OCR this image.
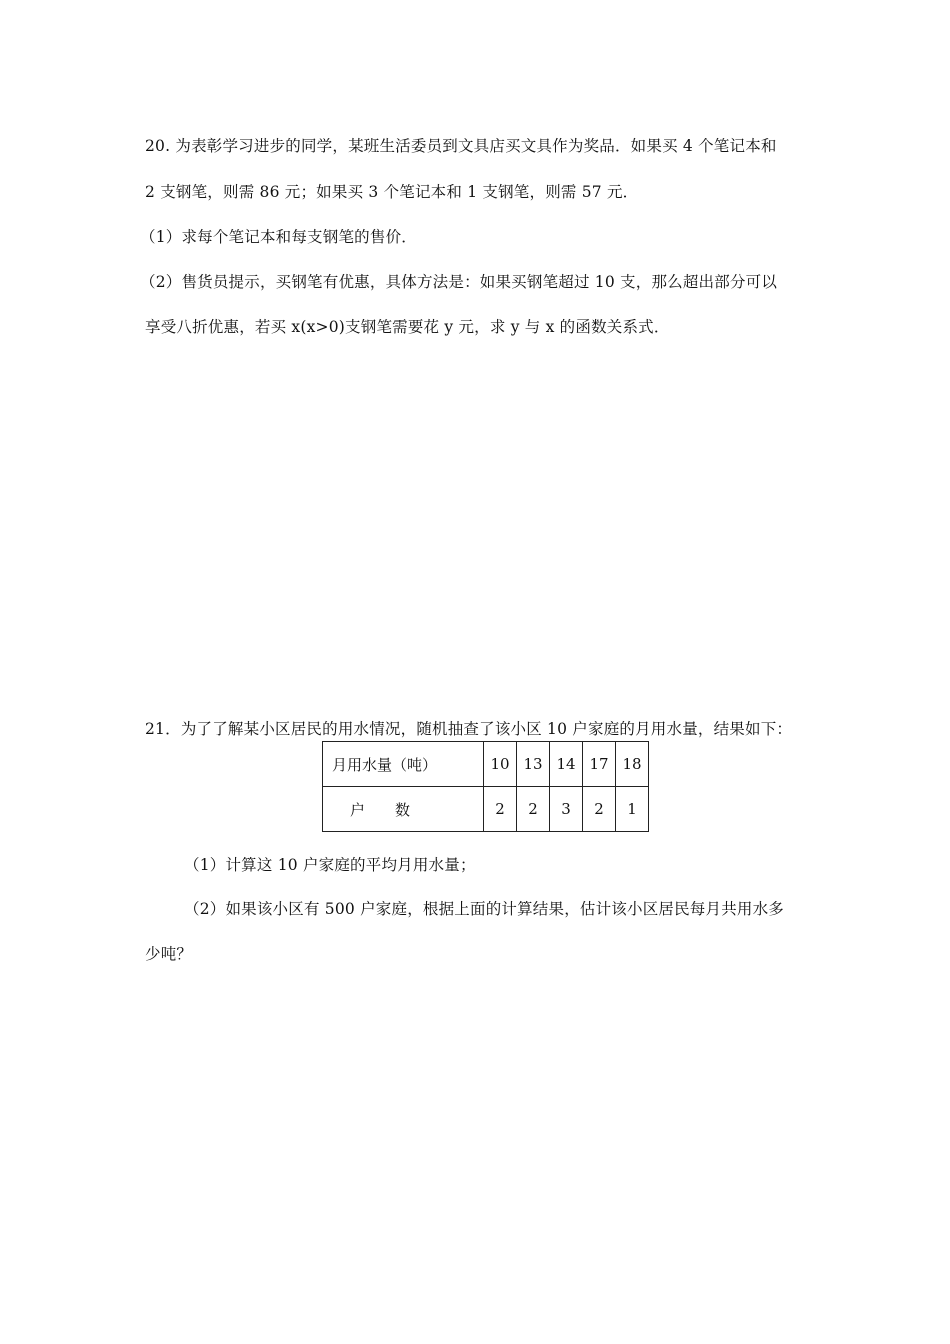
20. 为表彰学习进步的同学，某班生活委员到文具店买文具作为奖品．如果买 4 个笔记本和
2 支钢笔，则需 86 元；如果买 3 个笔记本和 1 支钢笔，则需 57 元．
（1）求每个笔记本和每支钢笔的售价．
（2）售货员提示，买钢笔有优惠，具体方法是：如果买钢笔超过 10 支，那么超出部分可以
享受八折优惠，若买 x(x>0)支钢笔需要花 y 元，求 y 与 x 的函数关系式．
21．为了了解某小区居民的用水情况，随机抽查了该小区 10 户家庭的月用水量，结果如下：
月用水量（吨）	10	13	14	17	18
户　　数	2	2	3	2	1
（1）计算这 10 户家庭的平均月用水量；
（2）如果该小区有 500 户家庭，根据上面的计算结果，估计该小区居民每月共用水多
少吨？
